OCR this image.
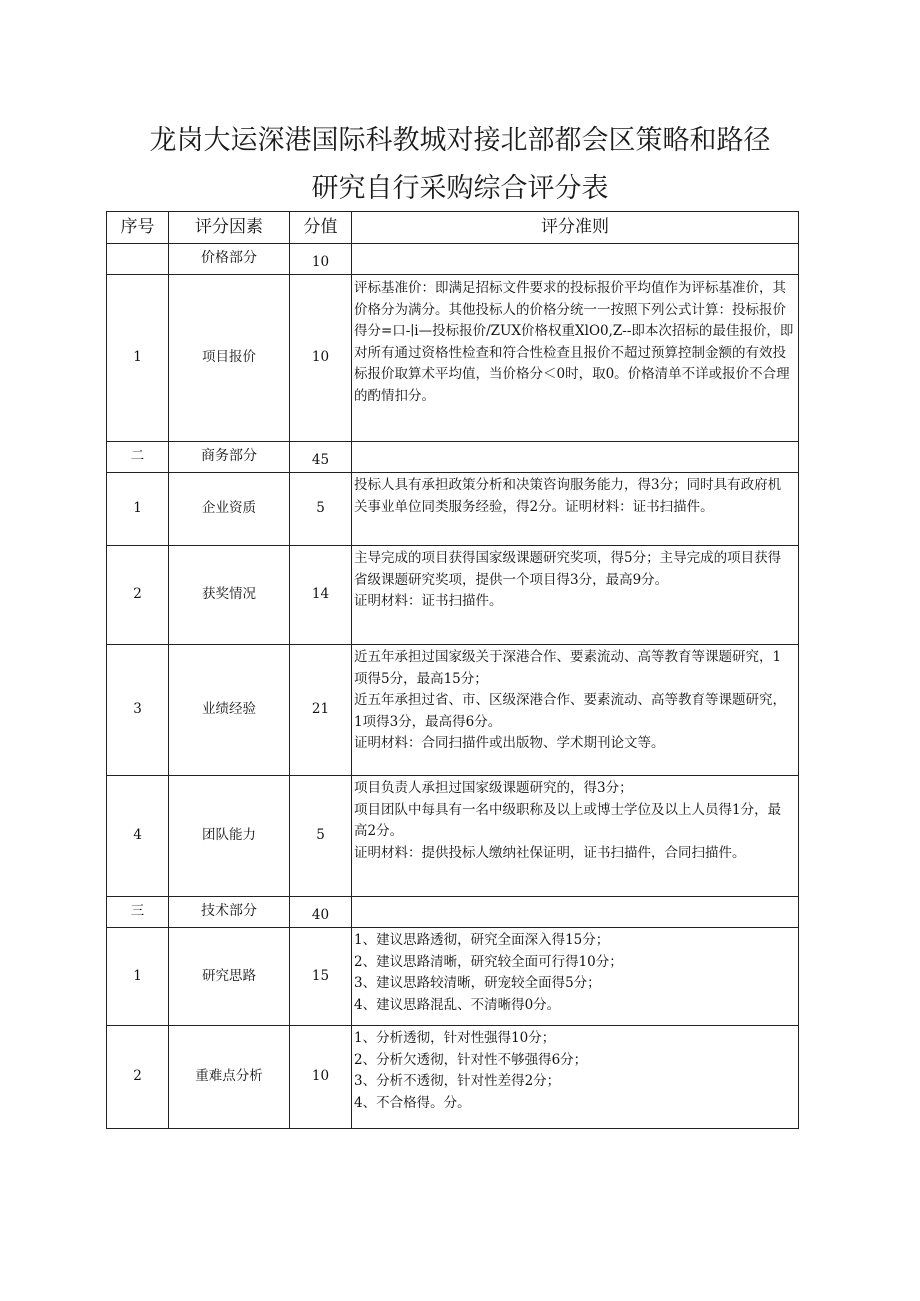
龙岗大运深港国际科教城对接北部都会区策略和路径
研究自行采购综合评分表
序号	评分因素	分值	评分准则
	价格部分	10	
1	项目报价	10	评标基准价：即满足招标文件要求的投标报价平均值作为评标基准价，其价格分为满分。其他投标人的价格分统一一按照下列公式计算：投标报价得分=口-∣i—投标报价/ZUX价格权重XlO0,Z--即本次招标的最佳报价，即对所有通过资格性检查和符合性检查且报价不超过预算控制金额的有效投标报价取算术平均值，当价格分＜0时，取0。价格清单不详或报价不合理的酌情扣分。

二	商务部分	45	
1	企业资质	5	投标人具有承担政策分析和决策咨询服务能力，得3分；同时具有政府机关事业单位同类服务经验，得2分。证明材料：证书扫描件。

2	获奖情况	14	主导完成的项目获得国家级课题研究奖项，得5分；主导完成的项目获得省级课题研究奖项，提供一个项目得3分，最高9分。
证明材料：证书扫描件。

3	业绩经验	21	近五年承担过国家级关于深港合作、要素流动、高等教育等课题研究，1项得5分，最高15分；
近五年承担过省、市、区级深港合作、要素流动、高等教育等课题研究，1项得3分，最高得6分。
证明材料：合同扫描件或出版物、学术期刊论文等。

4	团队能力	5	项目负责人承担过国家级课题研究的，得3分；
项目团队中每具有一名中级职称及以上或博士学位及以上人员得1分，最高2分。
证明材料：提供投标人缴纳社保证明，证书扫描件，合同扫描件。

三	技术部分	40	
1	研究思路	15	1、建议思路透彻，研究全面深入得15分；
2、建议思路清晰，研究较全面可行得10分；
3、建议思路较清晰，研宠较全面得5分；
4、建议思路混乱、不清晰得0分。

2	重难点分析	10	1、分析透彻，针对性强得10分；
2、分析欠透彻，针对性不够强得6分；
3、分析不透彻，针对性差得2分；
4、不合格得。分。
